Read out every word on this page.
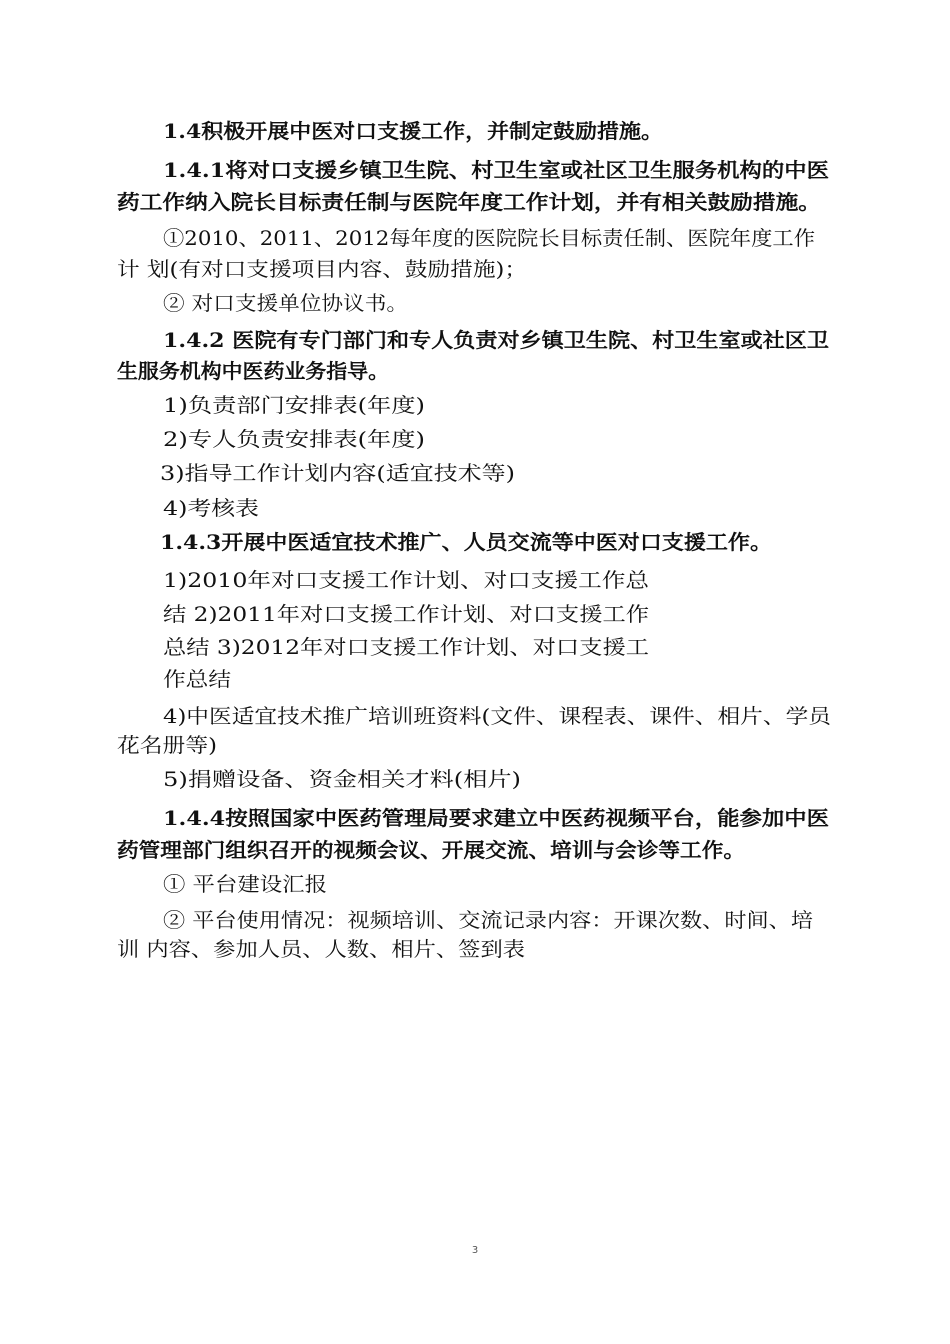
1.4积极开展中医对口支援工作，并制定鼓励措施。
1.4.1将对口支援乡镇卫生院、村卫生室或社区卫生服务机构的中医
药工作纳入院长目标责任制与医院年度工作计划，并有相关鼓励措施。
①2010、2011、2012每年度的医院院长目标责任制、医院年度工作
计 划(有对口支援项目内容、鼓励措施)；
② 对口支援单位协议书。
1.4.2 医院有专门部门和专人负责对乡镇卫生院、村卫生室或社区卫
生服务机构中医药业务指导。
1)负责部门安排表(年度)
2)专人负责安排表(年度)
3)指导工作计划内容(适宜技术等)
4)考核表
1.4.3开展中医适宜技术推广、人员交流等中医对口支援工作。
1)2010年对口支援工作计划、对口支援工作总
结 2)2011年对口支援工作计划、对口支援工作
总结 3)2012年对口支援工作计划、对口支援工
作总结
4)中医适宜技术推广培训班资料(文件、课程表、课件、相片、学员
花名册等)
5)捐赠设备、资金相关才料(相片)
1.4.4按照国家中医药管理局要求建立中医药视频平台，能参加中医
药管理部门组织召开的视频会议、开展交流、培训与会诊等工作。
① 平台建设汇报
② 平台使用情况：视频培训、交流记录内容：开课次数、时间、培
训 内容、参加人员、人数、相片、签到表
3
